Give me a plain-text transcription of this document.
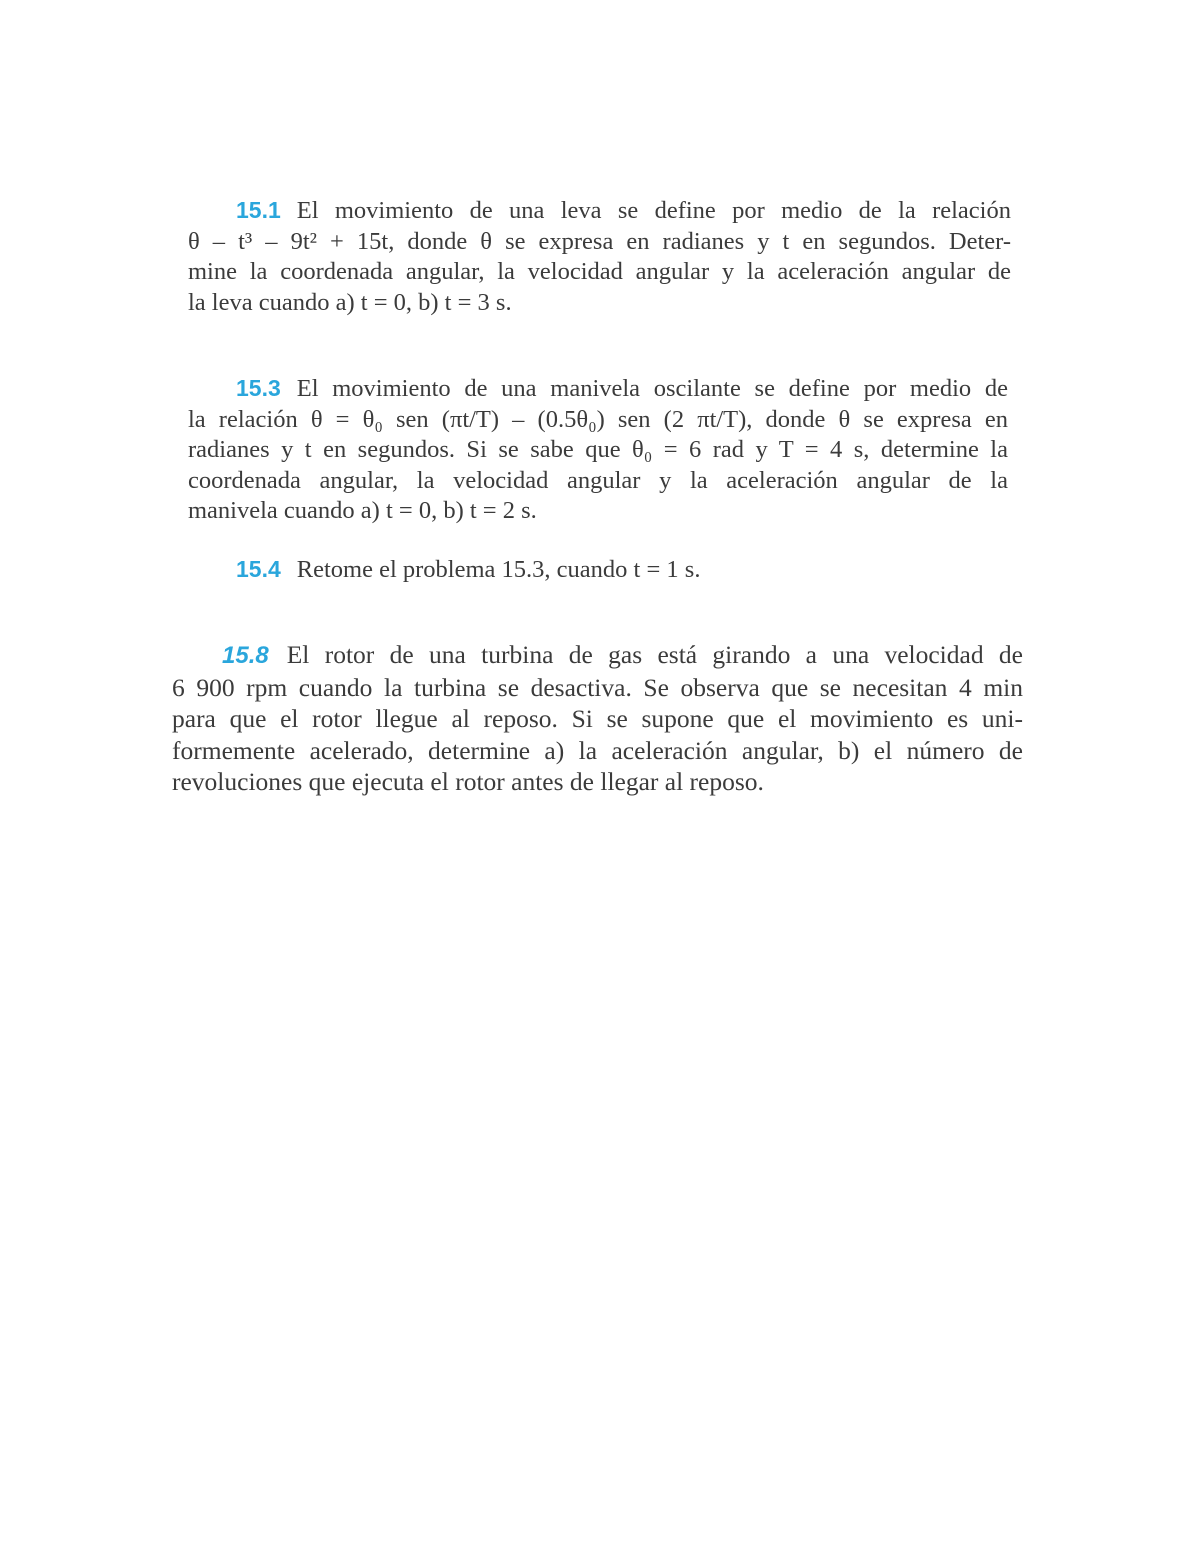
15.1 El movimiento de una leva se define por medio de la relación
θ – t³ – 9t² + 15t, donde θ se expresa en radianes y t en segundos. Deter-
mine la coordenada angular, la velocidad angular y la aceleración angular de
la leva cuando a) t = 0, b) t = 3 s.
15.3 El movimiento de una manivela oscilante se define por medio de
la relación θ = θ₀ sen (πt/T) – (0.5θ₀) sen (2 πt/T), donde θ se expresa en
radianes y t en segundos. Si se sabe que θ₀ = 6 rad y T = 4 s, determine la
coordenada angular, la velocidad angular y la aceleración angular de la
manivela cuando a) t = 0, b) t = 2 s.
15.4 Retome el problema 15.3, cuando t = 1 s.
15.8 El rotor de una turbina de gas está girando a una velocidad de
6 900 rpm cuando la turbina se desactiva. Se observa que se necesitan 4 min
para que el rotor llegue al reposo. Si se supone que el movimiento es uni-
formemente acelerado, determine a) la aceleración angular, b) el número de
revoluciones que ejecuta el rotor antes de llegar al reposo.
